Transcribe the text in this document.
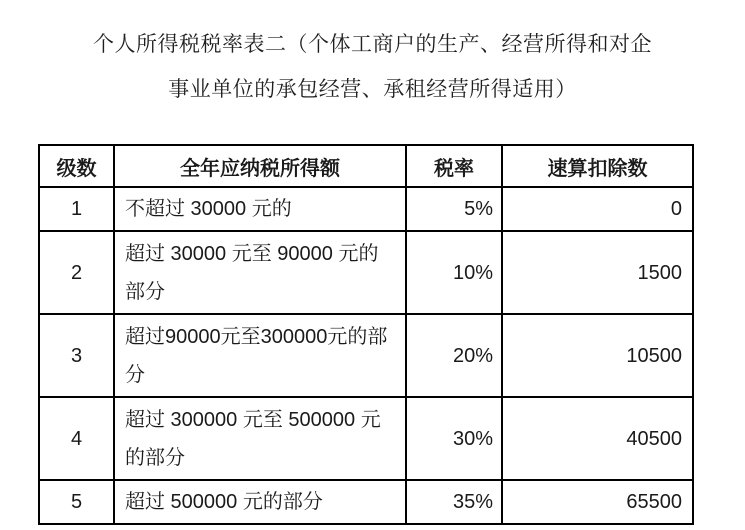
个人所得税税率表二（个体工商户的生产、经营所得和对企
事业单位的承包经营、承租经营所得适用）
级数	全年应纳税所得额	税率	速算扣除数
1	不超过 30000 元的	5%	0
2	超过 30000 元至 90000 元的部分	10%	1500
3	超过90000元至300000元的部分	20%	10500
4	超过 300000 元至 500000 元的部分	30%	40500
5	超过 500000 元的部分	35%	65500
